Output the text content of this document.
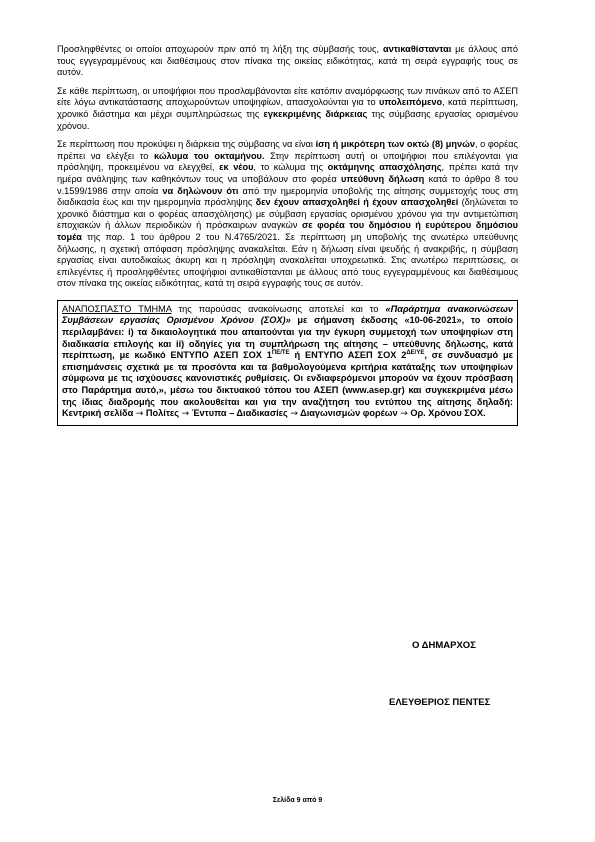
Προσληφθέντες οι οποίοι αποχωρούν πριν από τη λήξη της σύμβασής τους, αντικαθίστανται με άλλους από τους εγγεγραμμένους και διαθέσιμους στον πίνακα της οικείας ειδικότητας, κατά τη σειρά εγγραφής τους σε αυτόν.

Σε κάθε περίπτωση, οι υποψήφιοι που προσλαμβάνονται είτε κατόπιν αναμόρφωσης των πινάκων από το ΑΣΕΠ είτε λόγω αντικατάστασης αποχωρούντων υποψηφίων, απασχολούνται για το υπολειπόμενο, κατά περίπτωση, χρονικό διάστημα και μέχρι συμπληρώσεως της εγκεκριμένης διάρκειας της σύμβασης εργασίας ορισμένου χρόνου.

Σε περίπτωση που προκύψει η διάρκεια της σύμβασης να είναι ίση ή μικρότερη των οκτώ (8) μηνών, ο φορέας πρέπει να ελέγξει το κώλυμα του οκταμήνου. Στην περίπτωση αυτή οι υποψήφιοι που επιλέγονται για πρόσληψη, προκειμένου να ελεγχθεί, εκ νέου, το κώλυμα της οκτάμηνης απασχόλησης, πρέπει κατά την ημέρα ανάληψης των καθηκόντων τους να υποβάλουν στο φορέα υπεύθυνη δήλωση κατά το άρθρο 8 του ν.1599/1986 στην οποία να δηλώνουν ότι από την ημερομηνία υποβολής της αίτησης συμμετοχής τους στη διαδικασία έως και την ημερομηνία πρόσληψης δεν έχουν απασχοληθεί ή έχουν απασχοληθεί (δηλώνεται το χρονικό διάστημα και ο φορέας απασχόλησης) με σύμβαση εργασίας ορισμένου χρόνου για την αντιμετώπιση εποχιακών ή άλλων περιοδικών ή πρόσκαιρων αναγκών σε φορέα του δημόσιου ή ευρύτερου δημόσιου τομέα της παρ. 1 του άρθρου 2 του Ν.4765/2021. Σε περίπτωση μη υποβολής της ανωτέρω υπεύθυνης δήλωσης, η σχετική απόφαση πρόσληψης ανακαλείται. Εάν η δήλωση είναι ψευδής ή ανακριβής, η σύμβαση εργασίας είναι αυτοδικαίως άκυρη και η πρόσληψη ανακαλείται υποχρεωτικά. Στις ανωτέρω περιπτώσεις, οι επιλεγέντες ή προσληφθέντες υποψήφιοι αντικαθίστανται με άλλους από τους εγγεγραμμένους και διαθέσιμους στον πίνακα της οικείας ειδικότητας, κατά τη σειρά εγγραφής τους σε αυτόν.

ΑΝΑΠΟΣΠΑΣΤΟ ΤΜΗΜΑ της παρούσας ανακοίνωσης αποτελεί και το «Παράρτημα ανακοινώσεων Συμβάσεων εργασίας Ορισμένου Χρόνου (ΣΟΧ)» με σήμανση έκδοσης «10-06-2021», το οποίο περιλαμβάνει: i) τα δικαιολογητικά που απαιτούνται για την έγκυρη συμμετοχή των υποψηφίων στη διαδικασία επιλογής και ii) οδηγίες για τη συμπλήρωση της αίτησης – υπεύθυνης δήλωσης, κατά περίπτωση, με κωδικό ΕΝΤΥΠΟ ΑΣΕΠ ΣΟΧ $1^{\Pi E/TE}$ ή ΕΝΤΥΠΟ ΑΣΕΠ ΣΟΧ $2^{\Delta E/\Upsilon E}$, σε συνδυασμό με επισημάνσεις σχετικά με τα προσόντα και τα βαθμολογούμενα κριτήρια κατάταξης των υποψηφίων σύμφωνα με τις ισχύουσες κανονιστικές ρυθμίσεις. Οι ενδιαφερόμενοι μπορούν να έχουν πρόσβαση στο Παράρτημα αυτό,», μέσω του δικτυακού τόπου του ΑΣΕΠ (www.asep.gr) και συγκεκριμένα μέσω της ίδιας διαδρομής που ακολουθείται και για την αναζήτηση του εντύπου της αίτησης δηλαδή: Κεντρική σελίδα → Πολίτες → Έντυπα – Διαδικασίες → Διαγωνισμών φορέων → Ορ. Χρόνου ΣΟΧ.

Ο ΔΗΜΑΡΧΟΣ
ΕΛΕΥΘΕΡΙΟΣ ΠΕΝΤΕΣ
Σελίδα 9 από 9
